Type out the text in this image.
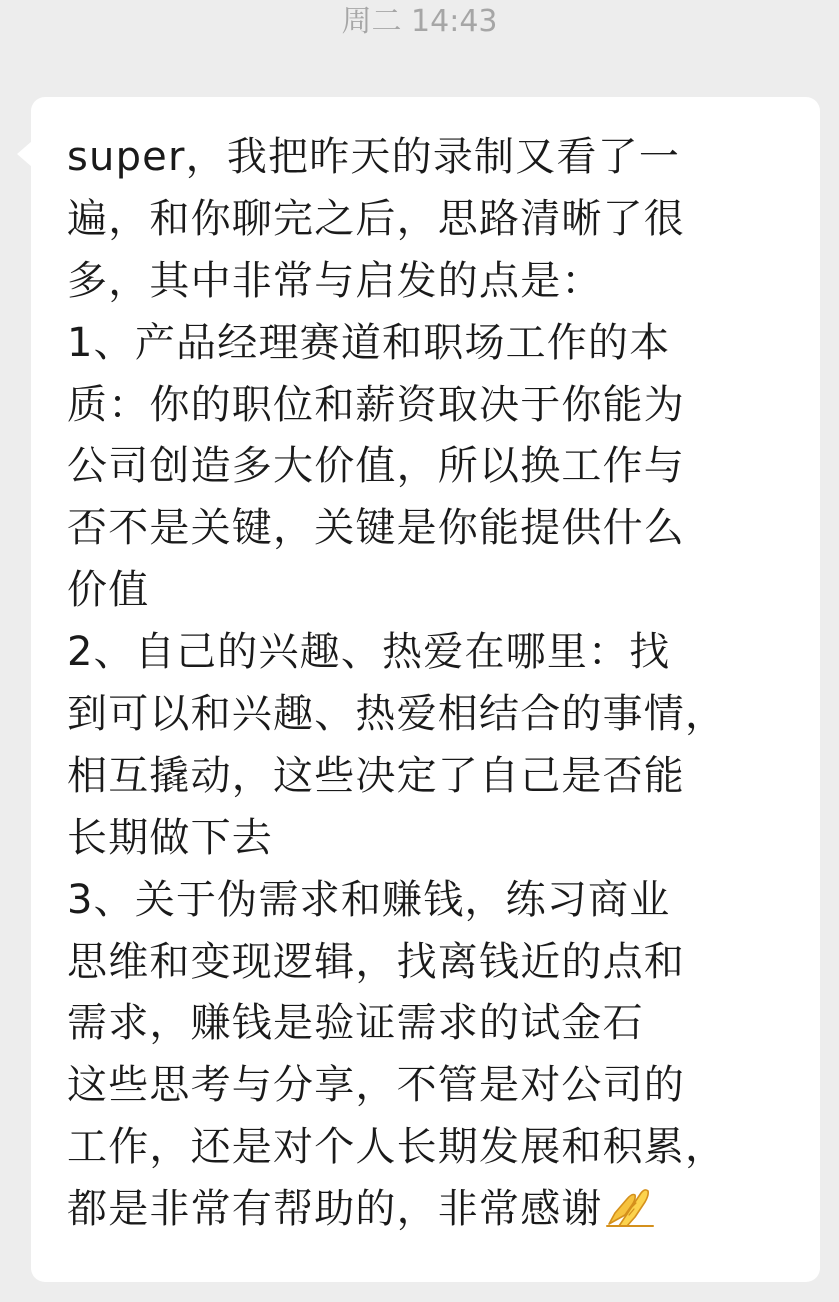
周二 14:43
super，我把昨天的录制又看了一
遍，和你聊完之后，思路清晰了很
多，其中非常与启发的点是：
1、产品经理赛道和职场工作的本
质：你的职位和薪资取决于你能为
公司创造多大价值，所以换工作与
否不是关键，关键是你能提供什么
价值
2、自己的兴趣、热爱在哪里：找
到可以和兴趣、热爱相结合的事情，
相互撬动，这些决定了自己是否能
长期做下去
3、关于伪需求和赚钱，练习商业
思维和变现逻辑，找离钱近的点和
需求，赚钱是验证需求的试金石
这些思考与分享，不管是对公司的
工作，还是对个人长期发展和积累，
都是非常有帮助的，非常感谢
